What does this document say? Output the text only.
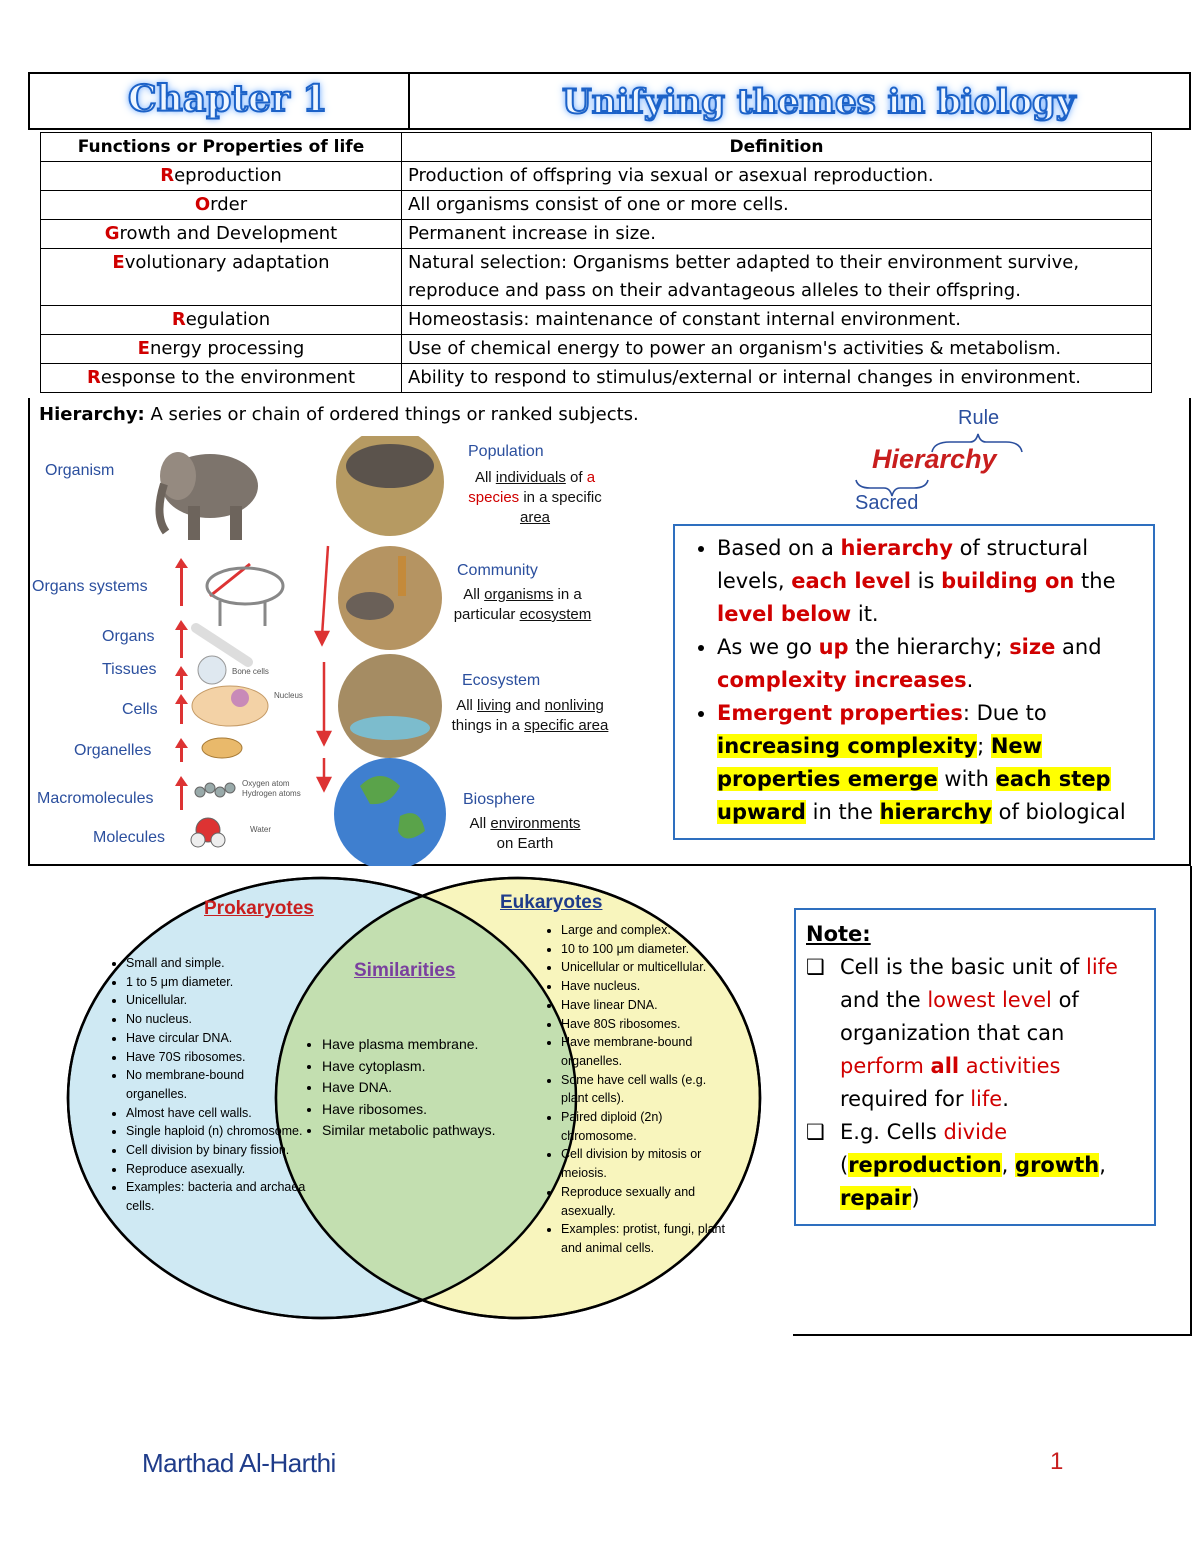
Chapter 1	Unifying themes in biology
Functions or Properties of life	Definition
Reproduction	Production of offspring via sexual or asexual reproduction.
Order	All organisms consist of one or more cells.
Growth and Development	Permanent increase in size.
Evolutionary adaptation	Natural selection: Organisms better adapted to their environment survive, reproduce and pass on their advantageous alleles to their offspring.
Regulation	Homeostasis: maintenance of constant internal environment.
Energy processing	Use of chemical energy to power an organism's activities & metabolism.
Response to the environment	Ability to respond to stimulus/external or internal changes in environment.
Hierarchy: A series or chain of ordered things or ranked subjects.
Organism
Organs systems
Organs
Tissues
Cells
Organelles
Macromolecules
Molecules
Bone cells
Nucleus
Oxygen atom
Hydrogen atoms
Water
Population
All individuals of a
species in a specific
area
Community
All organisms in a
particular ecosystem
Ecosystem
All living and nonliving
things in a specific area
Biosphere
All environments
on Earth
Rule
Hierarchy
Sacred
• Based on a hierarchy of structural levels, each level is building on the level below it.
• As we go up the hierarchy; size and complexity increases.
• Emergent properties: Due to increasing complexity; New properties emerge with each step upward in the hierarchy of biological
Prokaryotes
Similarities
Eukaryotes
• Small and simple.
• 1 to 5 μm diameter.
• Unicellular.
• No nucleus.
• Have circular DNA.
• Have 70S ribosomes.
• No membrane-bound organelles.
• Almost have cell walls.
• Single haploid (n) chromosome.
• Cell division by binary fission.
• Reproduce asexually.
• Examples: bacteria and archaea cells.
• Have plasma membrane.
• Have cytoplasm.
• Have DNA.
• Have ribosomes.
• Similar metabolic pathways.
• Large and complex.
• 10 to 100 μm diameter.
• Unicellular or multicellular.
• Have nucleus.
• Have linear DNA.
• Have 80S ribosomes.
• Have membrane-bound organelles.
• Some have cell walls (e.g. plant cells).
• Paired diploid (2n) chromosome.
• Cell division by mitosis or meiosis.
• Reproduce sexually and asexually.
• Examples: protist, fungi, plant and animal cells.
Note:
❑ Cell is the basic unit of life and the lowest level of organization that can perform all activities required for life.
❑ E.g. Cells divide (reproduction, growth, repair)
Marthad Al-Harthi	1
